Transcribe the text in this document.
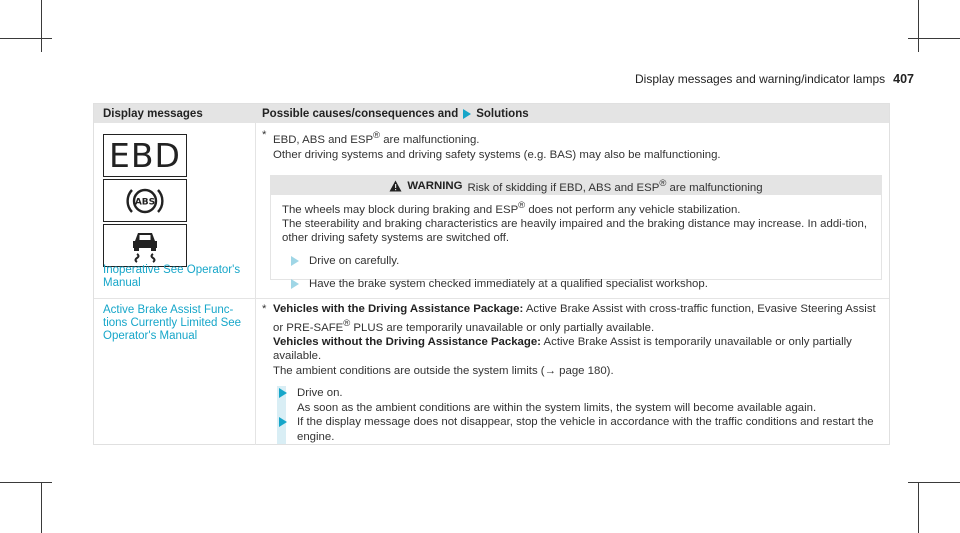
Display messages and warning/indicator lamps 407
Display messages	Possible causes/consequences and Solutions
EBD
ABS
Inoperative See Operator's Manual
* EBD, ABS and ESP® are malfunctioning.
Other driving systems and driving safety systems (e.g. BAS) may also be malfunctioning.
WARNING Risk of skidding if EBD, ABS and ESP® are malfunctioning
The wheels may block during braking and ESP® does not perform any vehicle stabilization.
The steerability and braking characteristics are heavily impaired and the braking distance may increase. In addi-tion, other driving safety systems are switched off.
Drive on carefully.
Have the brake system checked immediately at a qualified specialist workshop.
Active Brake Assist Func-tions Currently Limited See Operator's Manual
* Vehicles with the Driving Assistance Package: Active Brake Assist with cross-traffic function, Evasive Steering Assist or PRE-SAFE® PLUS are temporarily unavailable or only partially available.
Vehicles without the Driving Assistance Package: Active Brake Assist is temporarily unavailable or only partially available.
The ambient conditions are outside the system limits (→ page 180).
Drive on.
As soon as the ambient conditions are within the system limits, the system will become available again.
If the display message does not disappear, stop the vehicle in accordance with the traffic conditions and restart the engine.
